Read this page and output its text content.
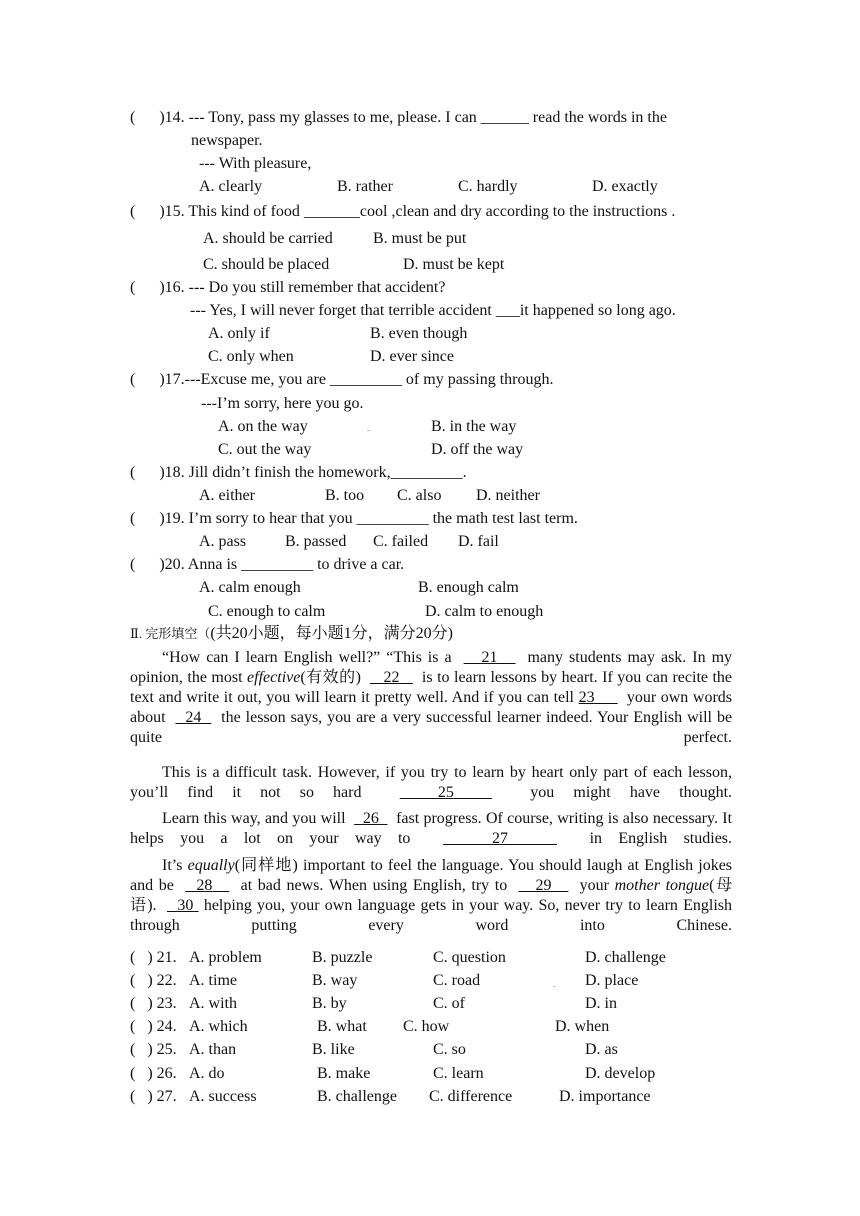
( )14. --- Tony, pass my glasses to me, please. I can ______ read the words in the
newspaper.
--- With pleasure,
A. clearly	B. rather	C. hardly	D. exactly
( )15. This kind of food _______cool ,clean and dry according to the instructions .
A. should be carried	B. must be put
C. should be placed	D. must be kept
( )16. --- Do you still remember that accident?
--- Yes, I will never forget that terrible accident ___it happened so long ago.
A. only if	B. even though
C. only when	D. ever since
( )17.---Excuse me, you are _________ of my passing through.
---I’m sorry, here you go.
A. on the way	B. in the way
C. out the way	D. off the way
( )18. Jill didn’t finish the homework,_________.
A. either	B. too C. also D. neither
( )19. I’m sorry to hear that you _________ the math test last term.
A. pass B. passed C. failed D. fail
( )20. Anna is _________ to drive a car.
A. calm enough	B. enough calm
C. enough to calm	D. calm to enough
Ⅱ. 完形填空（(共20小题，每小题1分，满分20分)
“How can I learn English well?” “This is a 21 many students may ask. In my opinion, the most effective(有效的) 22 is to learn lessons by heart. If you can recite the text and write it out, you will learn it pretty well. And if you can tell 23 your own words about 24 the lesson says, you are a very successful learner indeed. Your English will be quite perfect.
This is a difficult task. However, if you try to learn by heart only part of each lesson, you’ll find it not so hard	25	you might have thought.
Learn this way, and you will 26 fast progress. Of course, writing is also necessary. It helps you a lot on your way to	27	in English studies.
It’s equally(同样地) important to feel the language. You should laugh at English jokes and be 28 at bad news. When using English, try to 29 your mother tongue(母语). 30 helping you, your own language gets in your way. So, never try to learn English through putting every word into Chinese.
( ) 21. A. problem	B. puzzle	C. question	D. challenge
( ) 22. A. time	B. way	C. road	D. place
( ) 23. A. with	B. by	C. of	D. in
( ) 24. A. which	B. what C. how	D. when
( ) 25. A. than	B. like	C. so	D. as
( ) 26. A. do	B. make	C. learn	D. develop
( ) 27. A. success	B. challenge C. difference	D. importance
